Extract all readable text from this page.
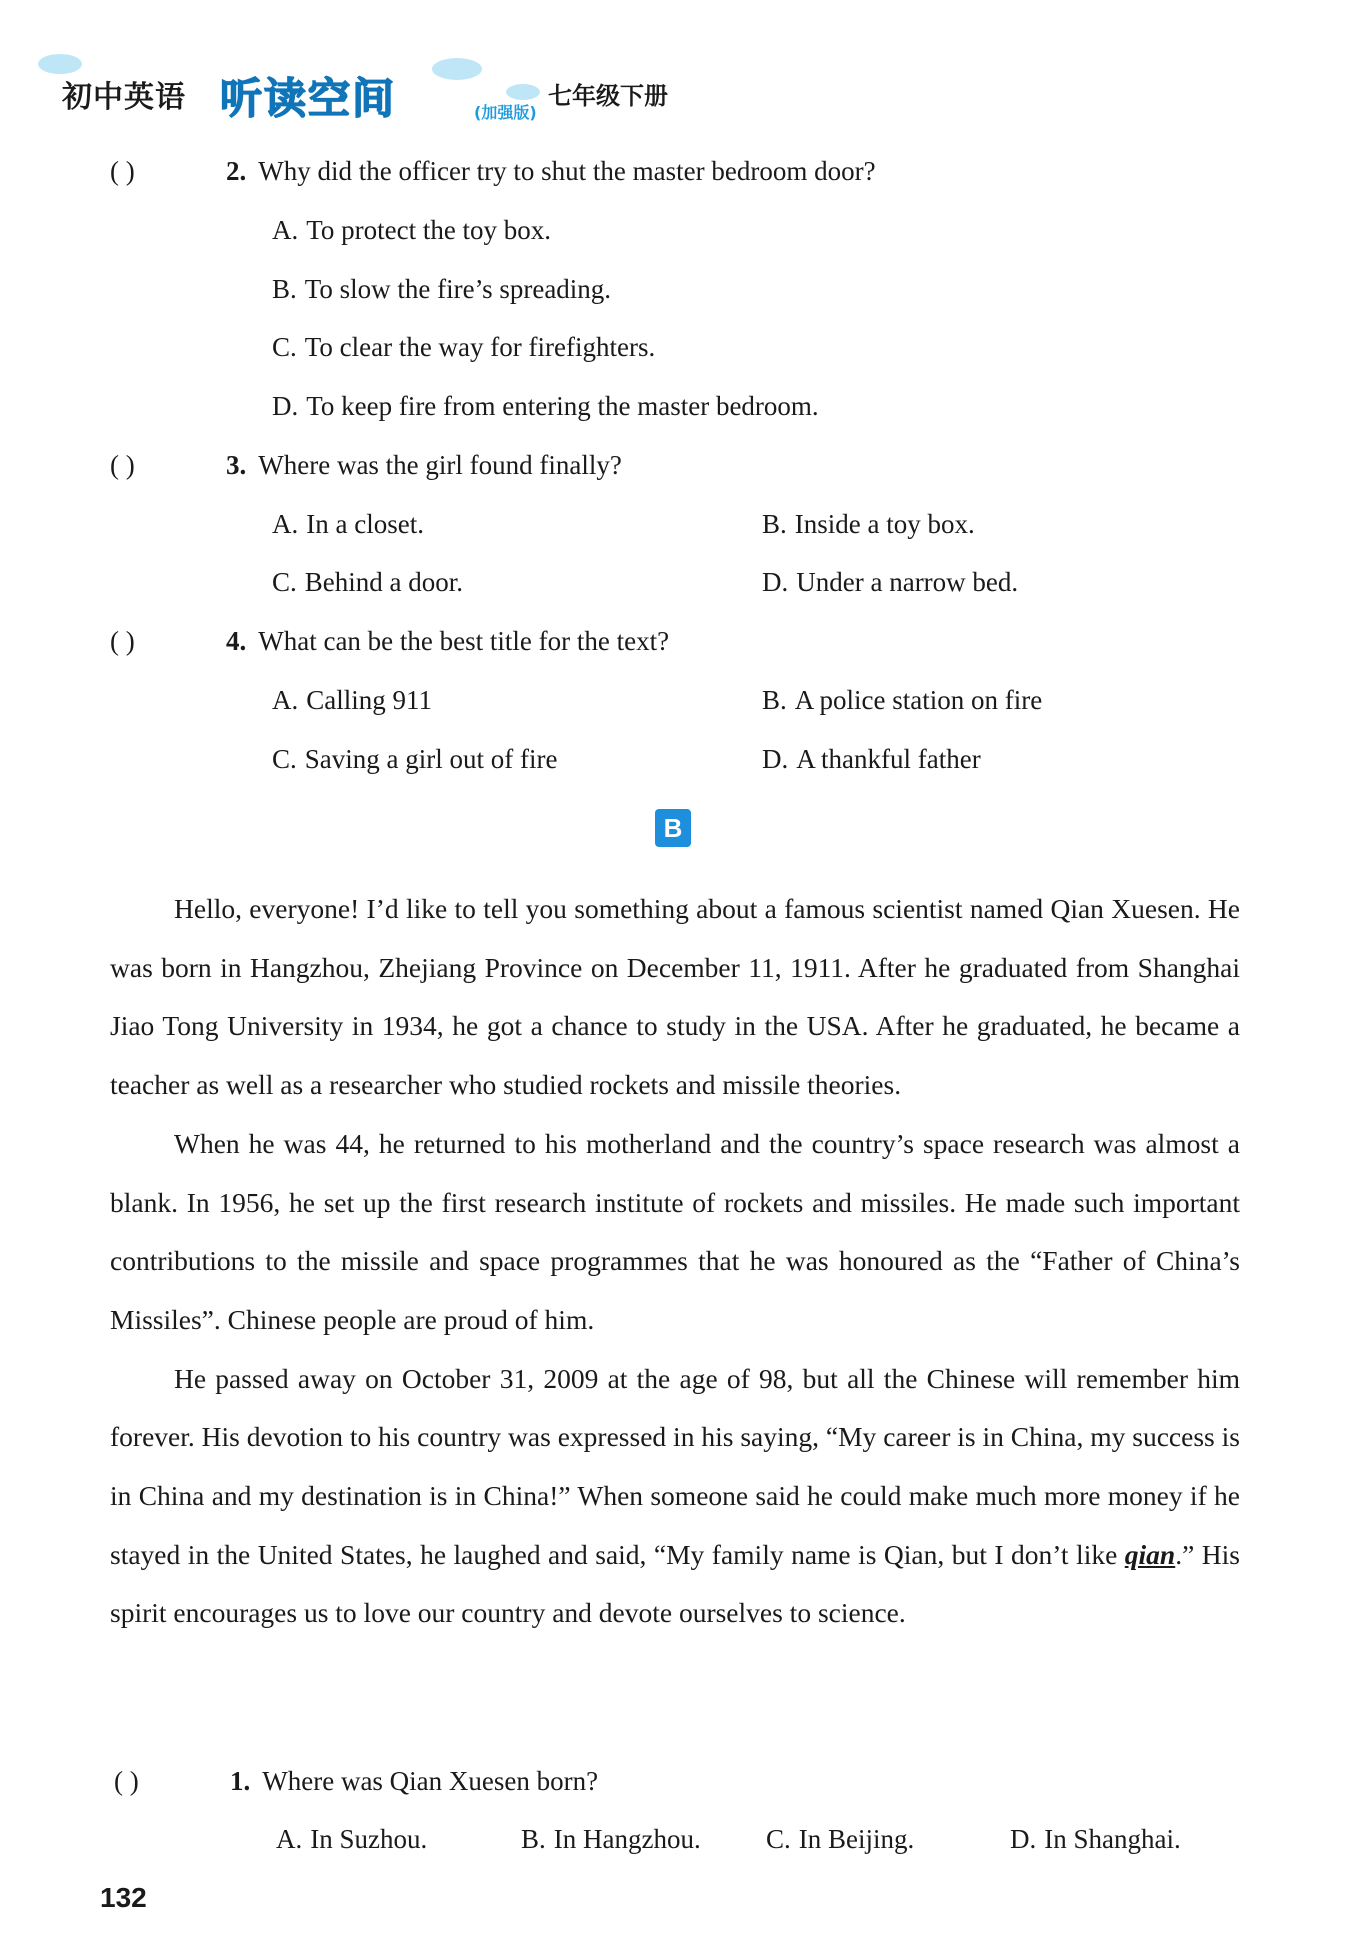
初中英语 听读空间	(加强版)
七年级下册
( )	2. Why did the officer try to shut the master bedroom door?
A. To protect the toy box.
B. To slow the fire’s spreading.
C. To clear the way for firefighters.
D. To keep fire from entering the master bedroom.
( )	3. Where was the girl found finally?
A. In a closet.	B. Inside a toy box.
C. Behind a door.	D. Under a narrow bed.
( )	4. What can be the best title for the text?
A. Calling 911	B. A police station on fire
C. Saving a girl out of fire	D. A thankful father
B

Hello, everyone! I’d like to tell you something about a famous scientist named Qian Xuesen. He was born in Hangzhou, Zhejiang Province on December 11, 1911. After he graduated from Shanghai Jiao Tong University in 1934, he got a chance to study in the USA. After he graduated, he became a teacher as well as a researcher who studied rockets and missile theories.

When he was 44, he returned to his motherland and the country’s space research was almost a blank. In 1956, he set up the first research institute of rockets and missiles. He made such important contributions to the missile and space programmes that he was honoured as the “Father of China’s Missiles”. Chinese people are proud of him.

He passed away on October 31, 2009 at the age of 98, but all the Chinese will remember him forever. His devotion to his country was expressed in his saying, “My career is in China, my success is in China and my destination is in China!” When someone said he could make much more money if he stayed in the United States, he laughed and said, “My family name is Qian, but I don’t like qian.” His spirit encourages us to love our country and devote ourselves to science.

( )	1. Where was Qian Xuesen born?
A. In Suzhou.	B. In Hangzhou. C. In Beijing.	D. In Shanghai.
132
